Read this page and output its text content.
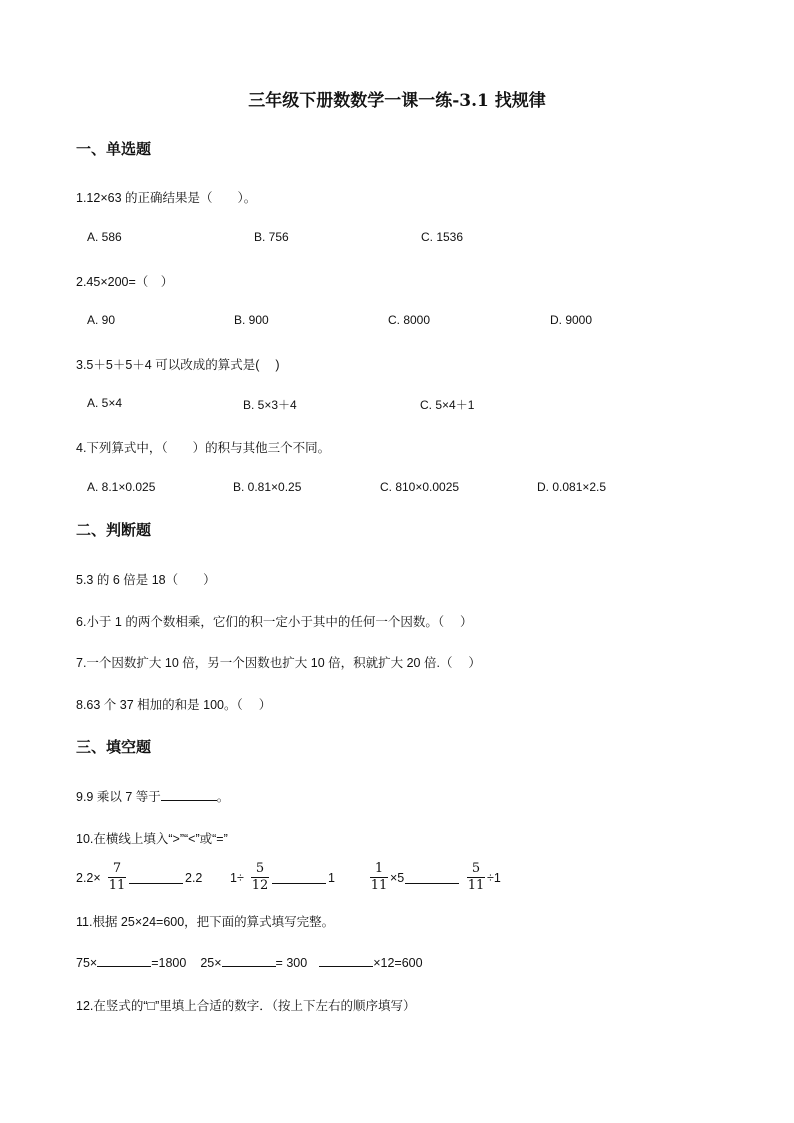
三年级下册数数学一课一练-3.1 找规律
一、单选题
1.12×63 的正确结果是（　　）。
A. 586	B. 756	C. 1536
2.45×200=（　）
A. 90	B. 900	C. 8000	D. 9000
3.5＋5＋5＋4 可以改成的算式是(　 )
A. 5×4	B. 5×3＋4	C. 5×4＋1
4.下列算式中，（　　）的积与其他三个不同。
A. 8.1×0.025	B. 0.81×0.25	C. 810×0.0025	D. 0.081×2.5
二、判断题
5.3 的 6 倍是 18（　　）
6.小于 1 的两个数相乘，它们的积一定小于其中的任何一个因数。（　 ）
7.一个因数扩大 10 倍，另一个因数也扩大 10 倍，积就扩大 20 倍.（　 ）
8.63 个 37 相加的和是 100。（　 ）
三、填空题
9.9 乘以 7 等于	。
10.在横线上填入“>”“<”或“=”
2.2×
7
11	2.2 1÷
5
12	1
1
11 ×5
5
11 ÷1
11.根据 25×24=600，把下面的算式填写完整。
75×	=1800 25×	= 300	×12=600
12.在竖式的“□”里填上合适的数字．（按上下左右的顺序填写）
